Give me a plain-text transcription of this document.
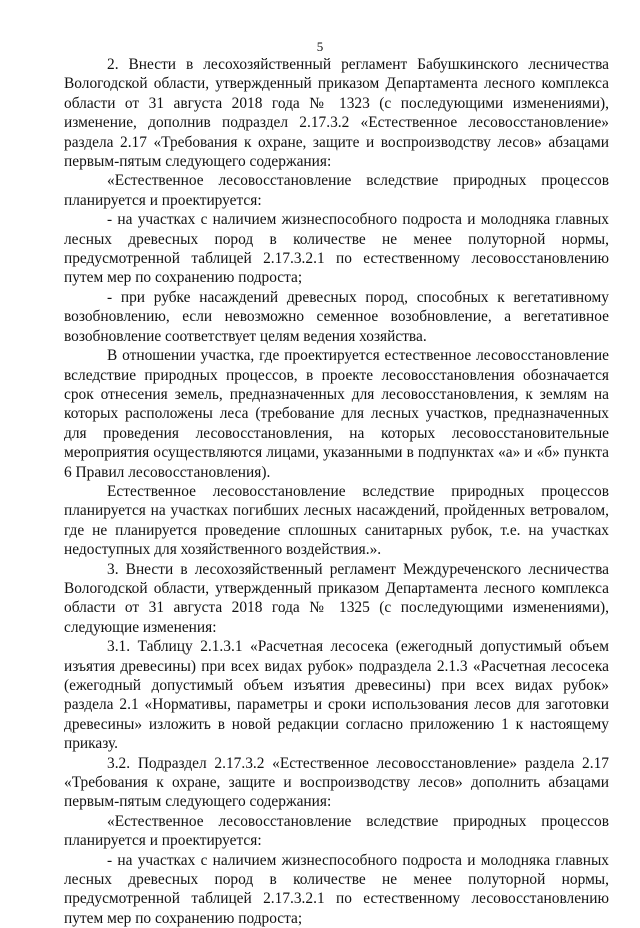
5

2. Внести в лесохозяйственный регламент Бабушкинского лесничества Вологодской области, утвержденный приказом Департамента лесного комплекса области от 31 августа 2018 года № 1323 (с последующими изменениями), изменение, дополнив подраздел 2.17.3.2 «Естественное лесовосстановление» раздела 2.17 «Требования к охране, защите и воспроизводству лесов» абзацами первым-пятым следующего содержания:

«Естественное лесовосстановление вследствие природных процессов планируется и проектируется:

- на участках с наличием жизнеспособного подроста и молодняка главных лесных древесных пород в количестве не менее полуторной нормы, предусмотренной таблицей 2.17.3.2.1 по естественному лесовосстановлению путем мер по сохранению подроста;

- при рубке насаждений древесных пород, способных к вегетативному возобновлению, если невозможно семенное возобновление, а вегетативное возобновление соответствует целям ведения хозяйства.

В отношении участка, где проектируется естественное лесовосстановление вследствие природных процессов, в проекте лесовосстановления обозначается срок отнесения земель, предназначенных для лесовосстановления, к землям на которых расположены леса (требование для лесных участков, предназначенных для проведения лесовосстановления, на которых лесовосстановительные мероприятия осуществляются лицами, указанными в подпунктах «а» и «б» пункта 6 Правил лесовосстановления).

Естественное лесовосстановление вследствие природных процессов планируется на участках погибших лесных насаждений, пройденных ветровалом, где не планируется проведение сплошных санитарных рубок, т.е. на участках недоступных для хозяйственного воздействия.».

3. Внести в лесохозяйственный регламент Междуреченского лесничества Вологодской области, утвержденный приказом Департамента лесного комплекса области от 31 августа 2018 года № 1325 (с последующими изменениями), следующие изменения:

3.1. Таблицу 2.1.3.1 «Расчетная лесосека (ежегодный допустимый объем изъятия древесины) при всех видах рубок» подраздела 2.1.3 «Расчетная лесосека (ежегодный допустимый объем изъятия древесины) при всех видах рубок» раздела 2.1 «Нормативы, параметры и сроки использования лесов для заготовки древесины» изложить в новой редакции согласно приложению 1 к настоящему приказу.

3.2. Подраздел 2.17.3.2 «Естественное лесовосстановление» раздела 2.17 «Требования к охране, защите и воспроизводству лесов» дополнить абзацами первым-пятым следующего содержания:

«Естественное лесовосстановление вследствие природных процессов планируется и проектируется:

- на участках с наличием жизнеспособного подроста и молодняка главных лесных древесных пород в количестве не менее полуторной нормы, предусмотренной таблицей 2.17.3.2.1 по естественному лесовосстановлению путем мер по сохранению подроста;
